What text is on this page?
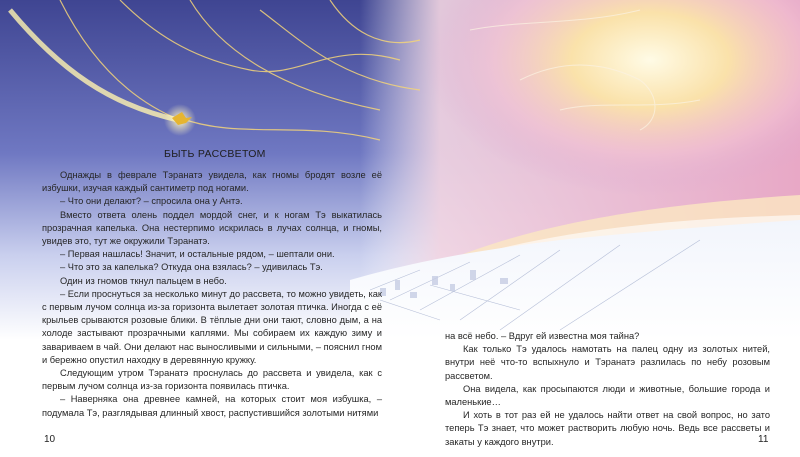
БЫТЬ РАССВЕТОМ

Однажды в феврале Тэранатэ увидела, как гномы бродят возле её избушки, изучая каждый сантиметр под ногами.

– Что они делают? – спросила она у Антэ.

Вместо ответа олень поддел мордой снег, и к ногам Тэ выкатилась прозрачная капелька. Она нестерпимо искрилась в лучах солнца, и гномы, увидев это, тут же окружили Тэранатэ.

– Первая нашлась! Значит, и остальные рядом, – шептали они.

– Что это за капелька? Откуда она взялась? – удивилась Тэ.

Один из гномов ткнул пальцем в небо.

– Если проснуться за несколько минут до рассвета, то можно увидеть, как с первым лучом солнца из-за горизонта вылетает золотая птичка. Иногда с её крыльев срываются розовые блики. В тёплые дни они тают, словно дым, а на холоде застывают прозрачными каплями. Мы собираем их каждую зиму и завариваем в чай. Они делают нас выносливыми и сильными, – пояснил гном и бережно опустил находку в деревянную кружку.

Следующим утром Тэранатэ проснулась до рассвета и увидела, как с первым лучом солнца из-за горизонта появилась птичка.

– Наверняка она древнее камней, на которых стоит моя избушка, – подумала Тэ, разглядывая длинный хвост, распустившийся золотыми нитями

на всё небо. – Вдруг ей известна моя тайна?

Как только Тэ удалось намотать на палец одну из золотых нитей, внутри неё что-то вспыхнуло и Тэранатэ разлилась по небу розовым рассветом.

Она видела, как просыпаются люди и животные, большие города и маленькие…

И хоть в тот раз ей не удалось найти ответ на свой вопрос, но зато теперь Тэ знает, что может растворить любую ночь. Ведь все рассветы и закаты у каждого внутри.

10	11
